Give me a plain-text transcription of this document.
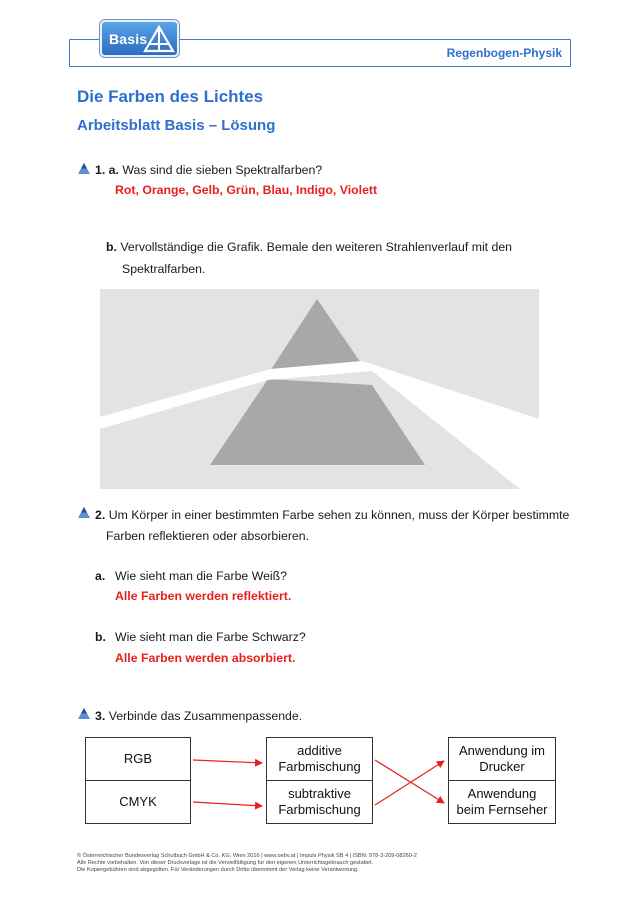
Regenbogen-Physik
Basis
Die Farben des Lichtes
Arbeitsblatt Basis – Lösung
1. a. Was sind die sieben Spektralfarben?
Rot, Orange, Gelb, Grün, Blau, Indigo, Violett
b. Vervollständige die Grafik. Bemale den weiteren Strahlenverlauf mit den
Spektralfarben.
2. Um Körper in einer bestimmten Farbe sehen zu können, muss der Körper bestimmte
Farben reflektieren oder absorbieren.
a. Wie sieht man die Farbe Weiß?
Alle Farben werden reflektiert.
b. Wie sieht man die Farbe Schwarz?
Alle Farben werden absorbiert.
3. Verbinde das Zusammenpassende.
RGB
CMYK
additive
Farbmischung
subtraktive
Farbmischung
Anwendung im
Drucker
Anwendung
beim Fernseher
© Österreichischer Bundesverlag Schulbuch GmbH & Co. KG, Wien 2016 | www.oebv.at | Impuls Physik SB 4 | ISBN: 978-3-209-08260-2
Alle Rechte vorbehalten. Von dieser Druckvorlage ist die Vervielfältigung für den eigenen Unterrichtsgebrauch gestattet.
Die Kopiergebühren sind abgegolten. Für Veränderungen durch Dritte übernimmt der Verlag keine Verantwortung.
